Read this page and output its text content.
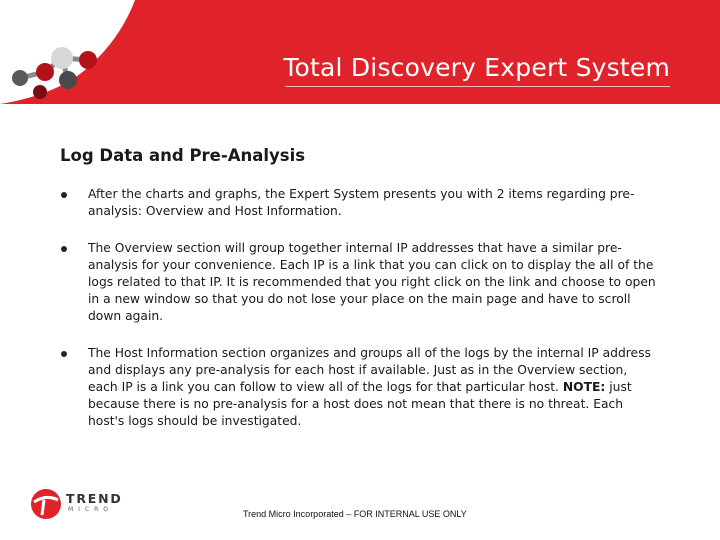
Total Discovery Expert System
Log Data and Pre-Analysis
After the charts and graphs, the Expert System presents you with 2 items regarding pre-analysis: Overview and Host Information.
The Overview section will group together internal IP addresses that have a similar pre-analysis for your convenience. Each IP is a link that you can click on to display the all of the logs related to that IP. It is recommended that you right click on the link and choose to open in a new window so that you do not lose your place on the main page and have to scroll down again.
The Host Information section organizes and groups all of the logs by the internal IP address and displays any pre-analysis for each host if available. Just as in the Overview section, each IP is a link you can follow to view all of the logs for that particular host. NOTE: just because there is no pre-analysis for a host does not mean that there is no threat. Each host's logs should be investigated.
TREND
MICRO	Trend Micro Incorporated – FOR INTERNAL USE ONLY
